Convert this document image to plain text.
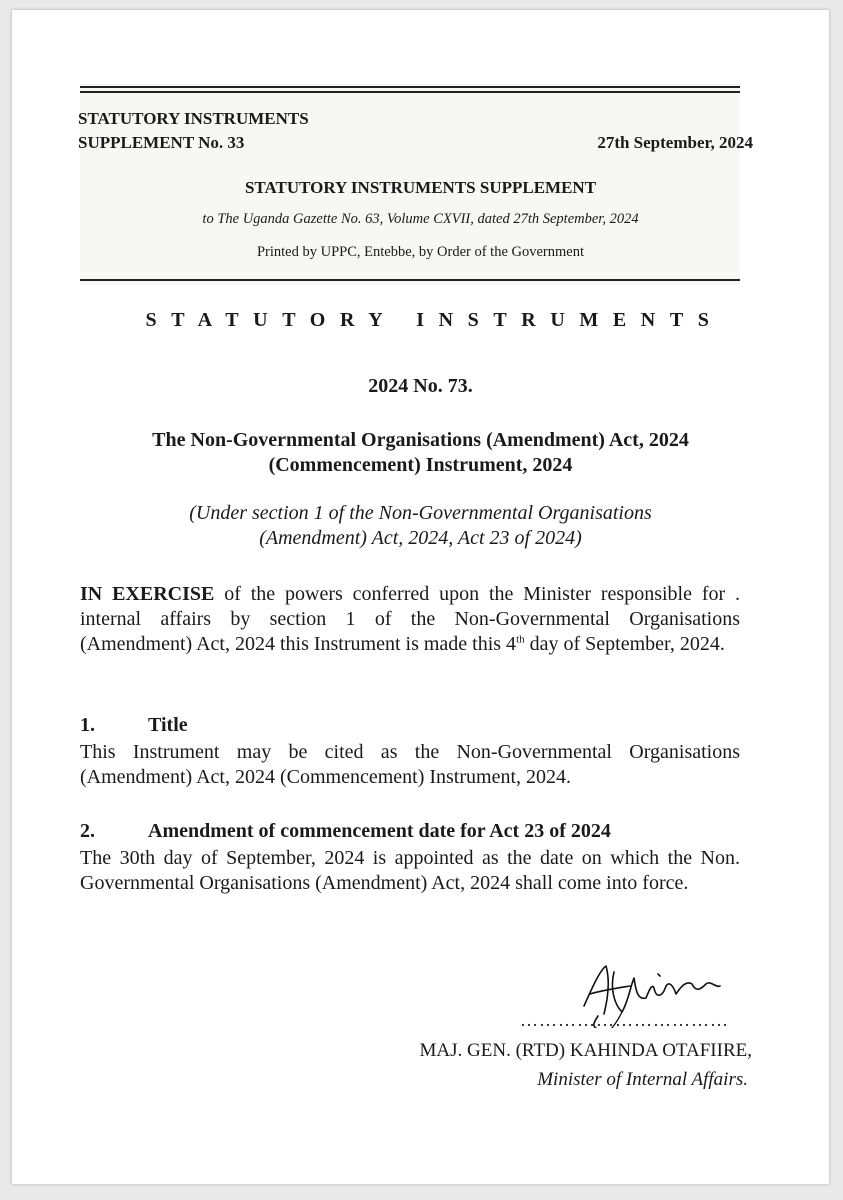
STATUTORY INSTRUMENTS
SUPPLEMENT No. 33	27th September, 2024
STATUTORY INSTRUMENTS SUPPLEMENT
to The Uganda Gazette No. 63, Volume CXVII, dated 27th September, 2024
Printed by UPPC, Entebbe, by Order of the Government
STATUTORY INSTRUMENTS
2024 No. 73.
The Non-Governmental Organisations (Amendment) Act, 2024
(Commencement) Instrument, 2024
(Under section 1 of the Non-Governmental Organisations
(Amendment) Act, 2024, Act 23 of 2024)

IN EXERCISE of the powers conferred upon the Minister responsible for . internal affairs by section 1 of the Non-Governmental Organisations (Amendment) Act, 2024 this Instrument is made this 4th day of September, 2024.

1.	Title

This Instrument may be cited as the Non-Governmental Organisations (Amendment) Act, 2024 (Commencement) Instrument, 2024.

2.	Amendment of commencement date for Act 23 of 2024

The 30th day of September, 2024 is appointed as the date on which the Non. Governmental Organisations (Amendment) Act, 2024 shall come into force.

……………………………
MAJ. GEN. (RTD) KAHINDA OTAFIIRE,
Minister of Internal Affairs.
